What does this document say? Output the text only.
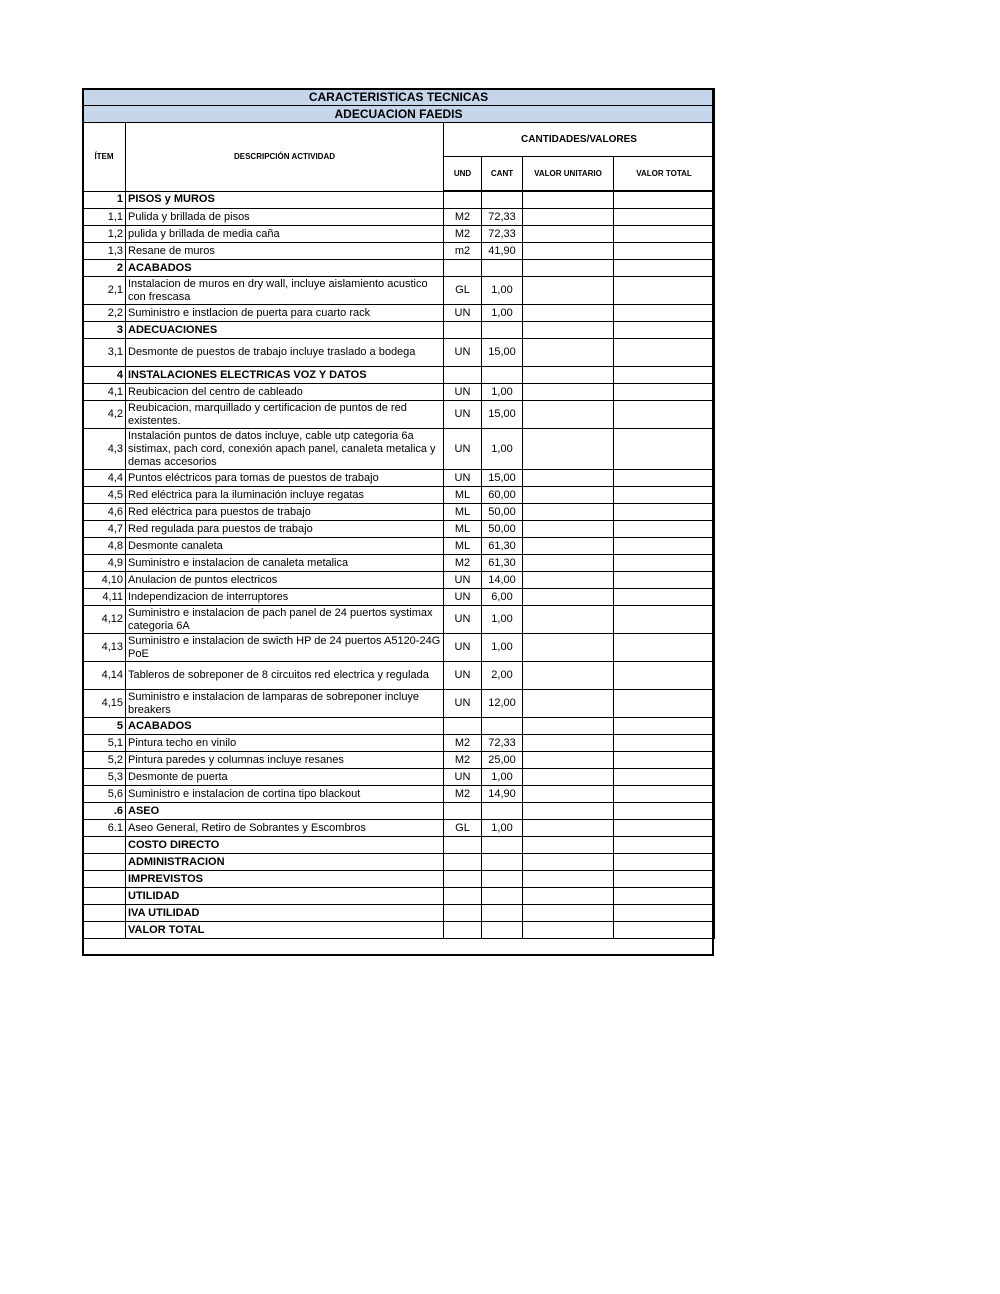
CARACTERISTICAS TECNICAS					
ADECUACION FAEDIS					
ÍTEM	DESCRIPCIÓN ACTIVIDAD	CANTIDADES/VALORES			
		UND	CANT	VALOR UNITARIO	VALOR TOTAL
1	PISOS y MUROS				
1,1	Pulida y brillada de pisos	M2	72,33		
1,2	pulida y brillada de media caña	M2	72,33		
1,3	Resane de muros	m2	41,90		
2	ACABADOS				
2,1	Instalacion de muros en dry wall, incluye aislamiento acustico con frescasa	GL	1,00		
2,2	Suministro e instlacion de puerta para cuarto rack	UN	1,00		
3	ADECUACIONES				
3,1	Desmonte de puestos de trabajo incluye traslado a bodega	UN	15,00		
4	INSTALACIONES ELECTRICAS VOZ Y DATOS				
4,1	Reubicacion del centro de cableado	UN	1,00		
4,2	Reubicacion, marquillado y certificacion de puntos de red existentes.	UN	15,00		
4,3	Instalación puntos de datos incluye, cable utp categoria 6a sistimax, pach cord, conexión apach panel, canaleta metalica y demas accesorios	UN	1,00		
4,4	Puntos eléctricos para tomas de puestos de trabajo	UN	15,00		
4,5	Red eléctrica para la iluminación incluye regatas	ML	60,00		
4,6	Red eléctrica para puestos de trabajo	ML	50,00		
4,7	Red regulada para puestos de trabajo	ML	50,00		
4,8	Desmonte canaleta	ML	61,30		
4,9	Suministro e instalacion de canaleta metalica	M2	61,30		
4,10	Anulacion de puntos electricos	UN	14,00		
4,11	Independizacion de interruptores	UN	6,00		
4,12	Suministro e instalacion de pach panel de 24 puertos systimax categoria 6A	UN	1,00		
4,13	Suministro e instalacion de swicth HP de 24 puertos A5120-24G PoE	UN	1,00		
4,14	Tableros de sobreponer de 8 circuitos red electrica y regulada	UN	2,00		
4,15	Suministro e instalacion de lamparas de sobreponer incluye breakers	UN	12,00		
5	ACABADOS				
5,1	Pintura techo en vinilo	M2	72,33		
5,2	Pintura paredes y columnas incluye resanes	M2	25,00		
5,3	Desmonte de puerta	UN	1,00		
5,6	Suministro e instalacion de cortina tipo blackout	M2	14,90		
.6	ASEO				
6.1	Aseo General, Retiro de Sobrantes y Escombros	GL	1,00		
	COSTO DIRECTO				
	ADMINISTRACION				
	IMPREVISTOS				
	UTILIDAD				
	IVA UTILIDAD				
	VALOR TOTAL				
